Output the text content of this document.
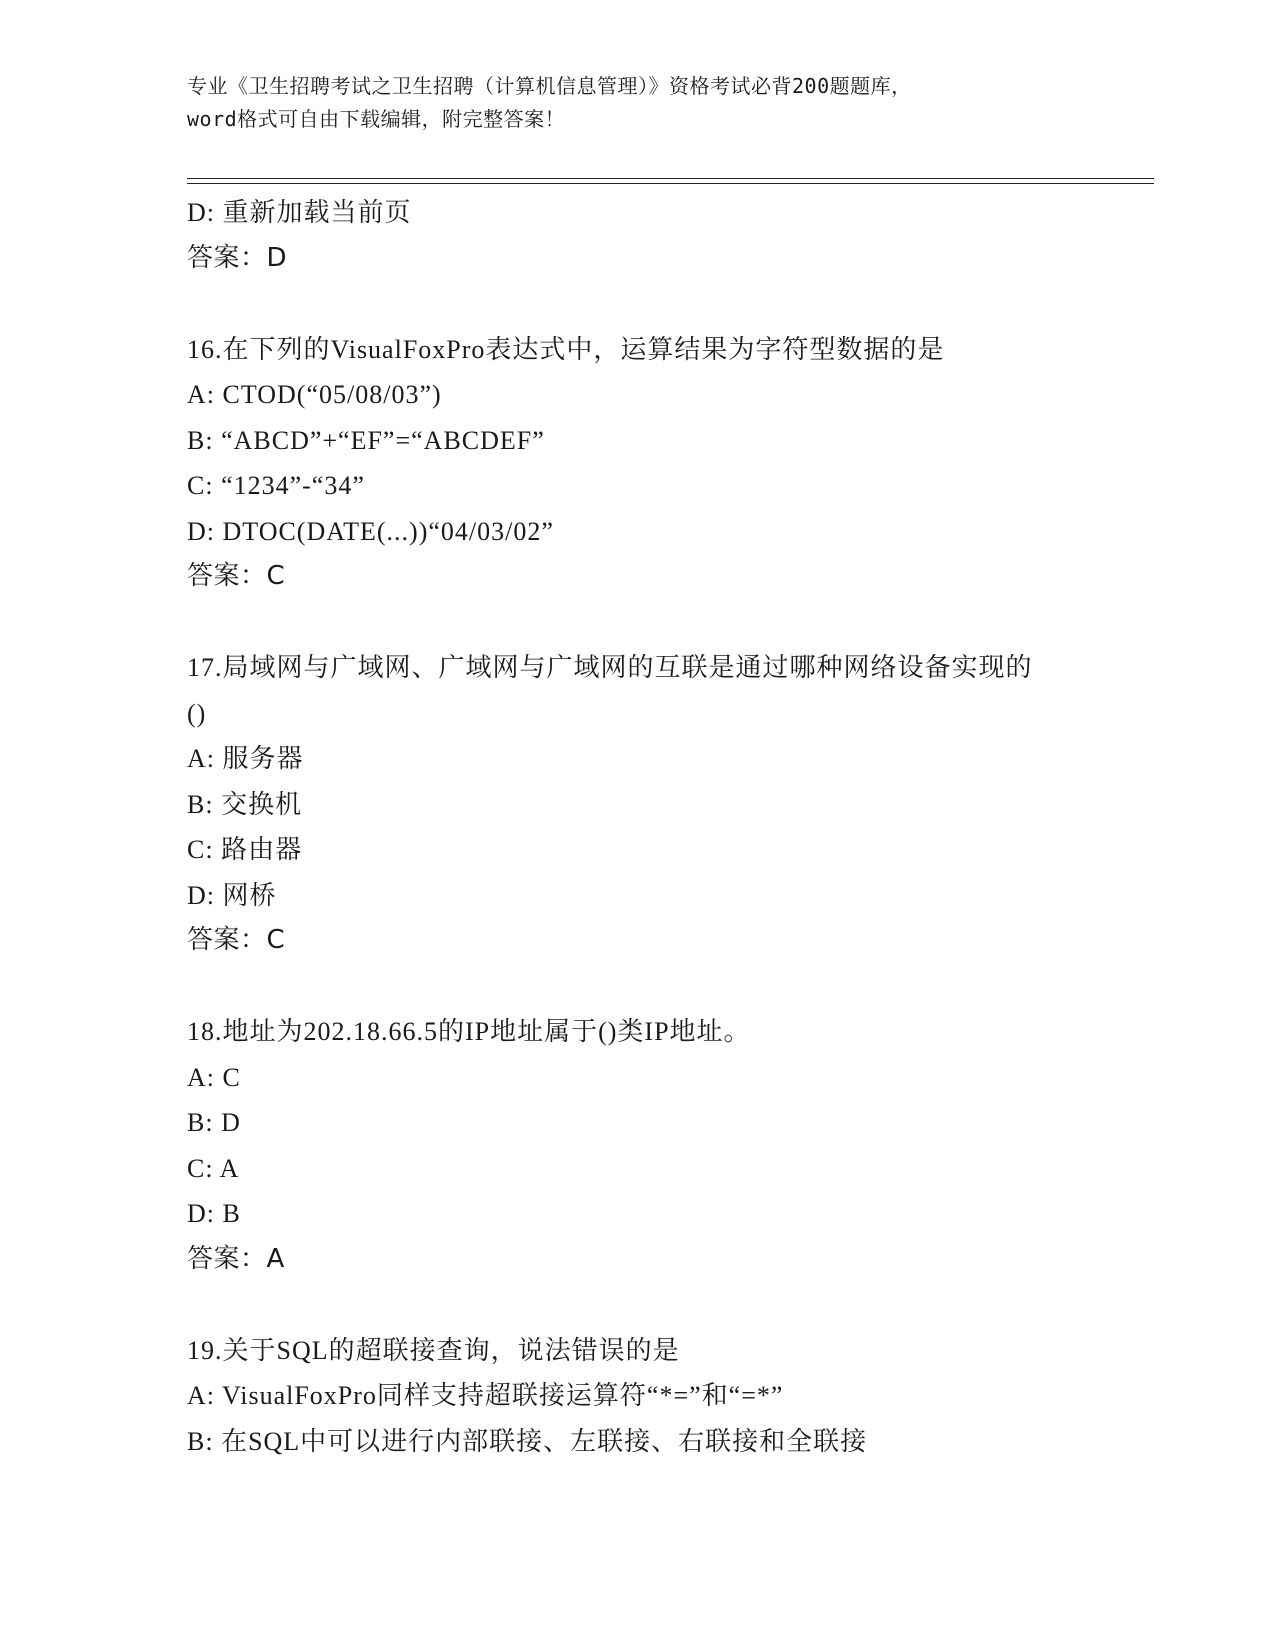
专业《卫生招聘考试之卫生招聘（计算机信息管理）》资格考试必背200题题库，
word格式可自由下载编辑，附完整答案！
D: 重新加载当前页
答案：D
16.在下列的VisualFoxPro表达式中，运算结果为字符型数据的是
A: CTOD(“05/08/03”)
B: “ABCD”+“EF”=“ABCDEF”
C: “1234”-“34”
D: DTOC(DATE(...))“04/03/02”
答案：C
17.局域网与广域网、广域网与广域网的互联是通过哪种网络设备实现的()
A: 服务器
B: 交换机
C: 路由器
D: 网桥
答案：C
18.地址为202.18.66.5的IP地址属于()类IP地址。
A: C
B: D
C: A
D: B
答案：A
19.关于SQL的超联接查询，说法错误的是
A: VisualFoxPro同样支持超联接运算符“*=”和“=*”
B: 在SQL中可以进行内部联接、左联接、右联接和全联接
